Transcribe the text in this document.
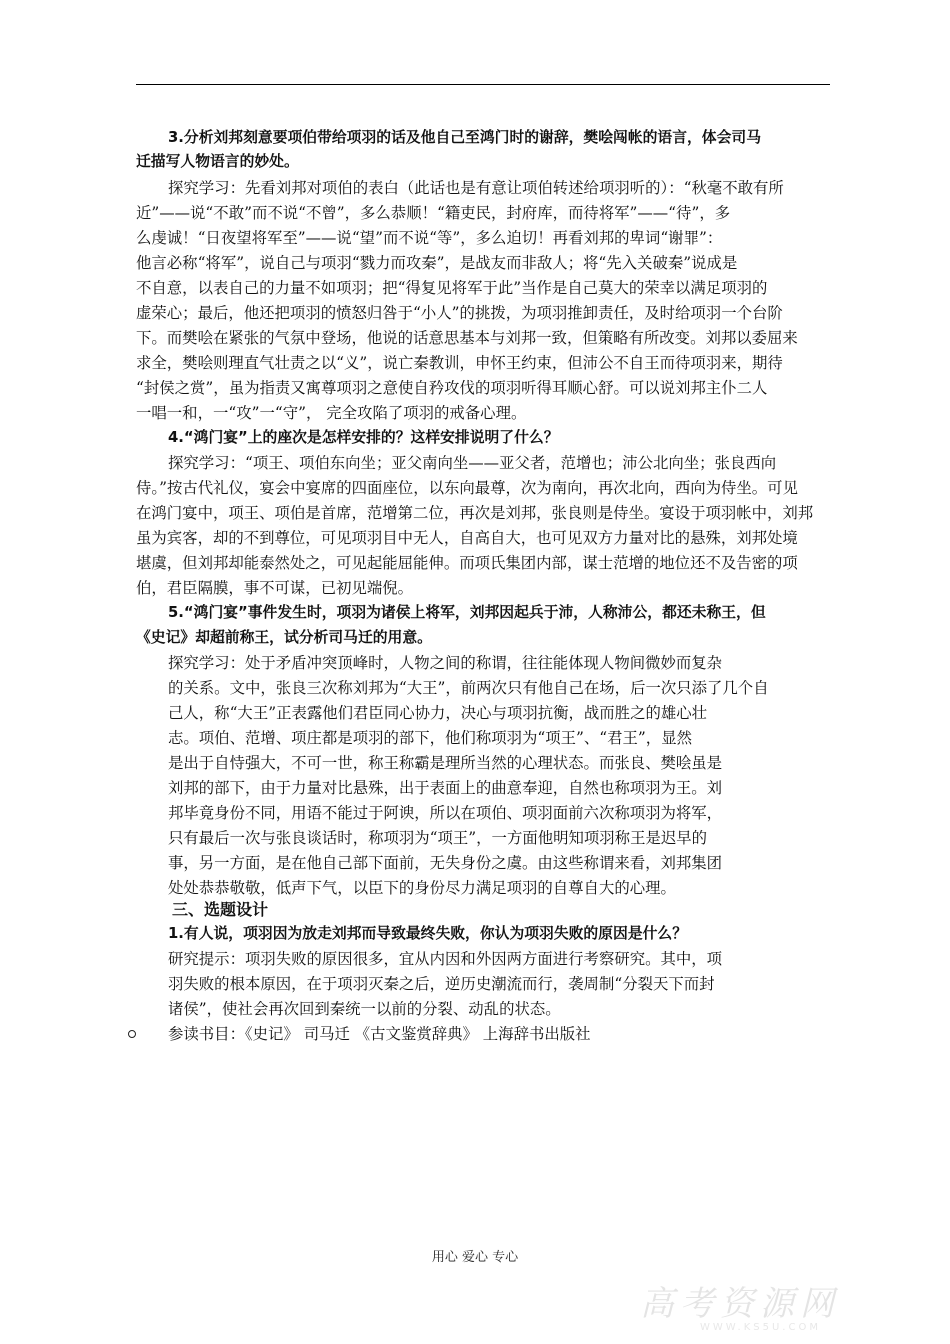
3.分析刘邦刻意要项伯带给项羽的话及他自己至鸿门时的谢辞，樊哙闯帐的语言，体会司马
迁描写人物语言的妙处。
探究学习：先看刘邦对项伯的表白（此话也是有意让项伯转述给项羽听的）：“秋毫不敢有所
近”——说“不敢”而不说“不曾”，多么恭顺！“籍吏民，封府库，而待将军”——“待”，多
么虔诚！“日夜望将军至”——说“望”而不说“等”，多么迫切！再看刘邦的卑词“谢罪”：
他言必称“将军”，说自己与项羽“戮力而攻秦”，是战友而非敌人；将“先入关破秦”说成是
不自意，以表自己的力量不如项羽；把“得复见将军于此”当作是自己莫大的荣幸以满足项羽的
虚荣心；最后，他还把项羽的愤怒归咎于“小人”的挑拨，为项羽推卸责任，及时给项羽一个台阶
下。而樊哙在紧张的气氛中登场，他说的话意思基本与刘邦一致，但策略有所改变。刘邦以委屈来
求全，樊哙则理直气壮责之以“义”，说亡秦教训，申怀王约束，但沛公不自王而待项羽来，期待
“封侯之赏”，虽为指责又寓尊项羽之意使自矜攻伐的项羽听得耳顺心舒。可以说刘邦主仆二人
一唱一和，一“攻”一“守”， 完全攻陷了项羽的戒备心理。
4.“鸿门宴”上的座次是怎样安排的？这样安排说明了什么？
探究学习：“项王、项伯东向坐；亚父南向坐——亚父者，范增也；沛公北向坐；张良西向
侍。”按古代礼仪，宴会中宴席的四面座位，以东向最尊，次为南向，再次北向，西向为侍坐。可见
在鸿门宴中，项王、项伯是首席，范增第二位，再次是刘邦，张良则是侍坐。宴设于项羽帐中，刘邦
虽为宾客，却的不到尊位，可见项羽目中无人，自高自大，也可见双方力量对比的悬殊，刘邦处境
堪虞，但刘邦却能泰然处之，可见起能屈能伸。而项氏集团内部，谋士范增的地位还不及告密的项
伯，君臣隔膜，事不可谋，已初见端倪。
5.“鸿门宴”事件发生时，项羽为诸侯上将军，刘邦因起兵于沛，人称沛公，都还未称王，但
《史记》却超前称王，试分析司马迁的用意。
探究学习：处于矛盾冲突顶峰时，人物之间的称谓，往往能体现人物间微妙而复杂
的关系。文中，张良三次称刘邦为“大王”，前两次只有他自己在场，后一次只添了几个自
己人，称“大王”正表露他们君臣同心协力，决心与项羽抗衡，战而胜之的雄心壮
志。项伯、范增、项庄都是项羽的部下，他们称项羽为“项王”、“君王”，显然
是出于自恃强大，不可一世，称王称霸是理所当然的心理状态。而张良、樊哙虽是
刘邦的部下，由于力量对比悬殊，出于表面上的曲意奉迎，自然也称项羽为王。刘
邦毕竟身份不同，用语不能过于阿谀，所以在项伯、项羽面前六次称项羽为将军，
只有最后一次与张良谈话时，称项羽为“项王”，一方面他明知项羽称王是迟早的
事，另一方面，是在他自己部下面前，无失身份之虞。由这些称谓来看，刘邦集团
处处恭恭敬敬，低声下气，以臣下的身份尽力满足项羽的自尊自大的心理。
三、选题设计
1.有人说，项羽因为放走刘邦而导致最终失败，你认为项羽失败的原因是什么？
研究提示：项羽失败的原因很多，宜从内因和外因两方面进行考察研究。其中，项
羽失败的根本原因，在于项羽灭秦之后，逆历史潮流而行，袭周制“分裂天下而封
诸侯”，使社会再次回到秦统一以前的分裂、动乱的状态。
参读书目：《史记》 司马迁 《古文鉴赏辞典》 上海辞书出版社
用心 爱心 专心
高考资源网
WWW.KS5U.COM
